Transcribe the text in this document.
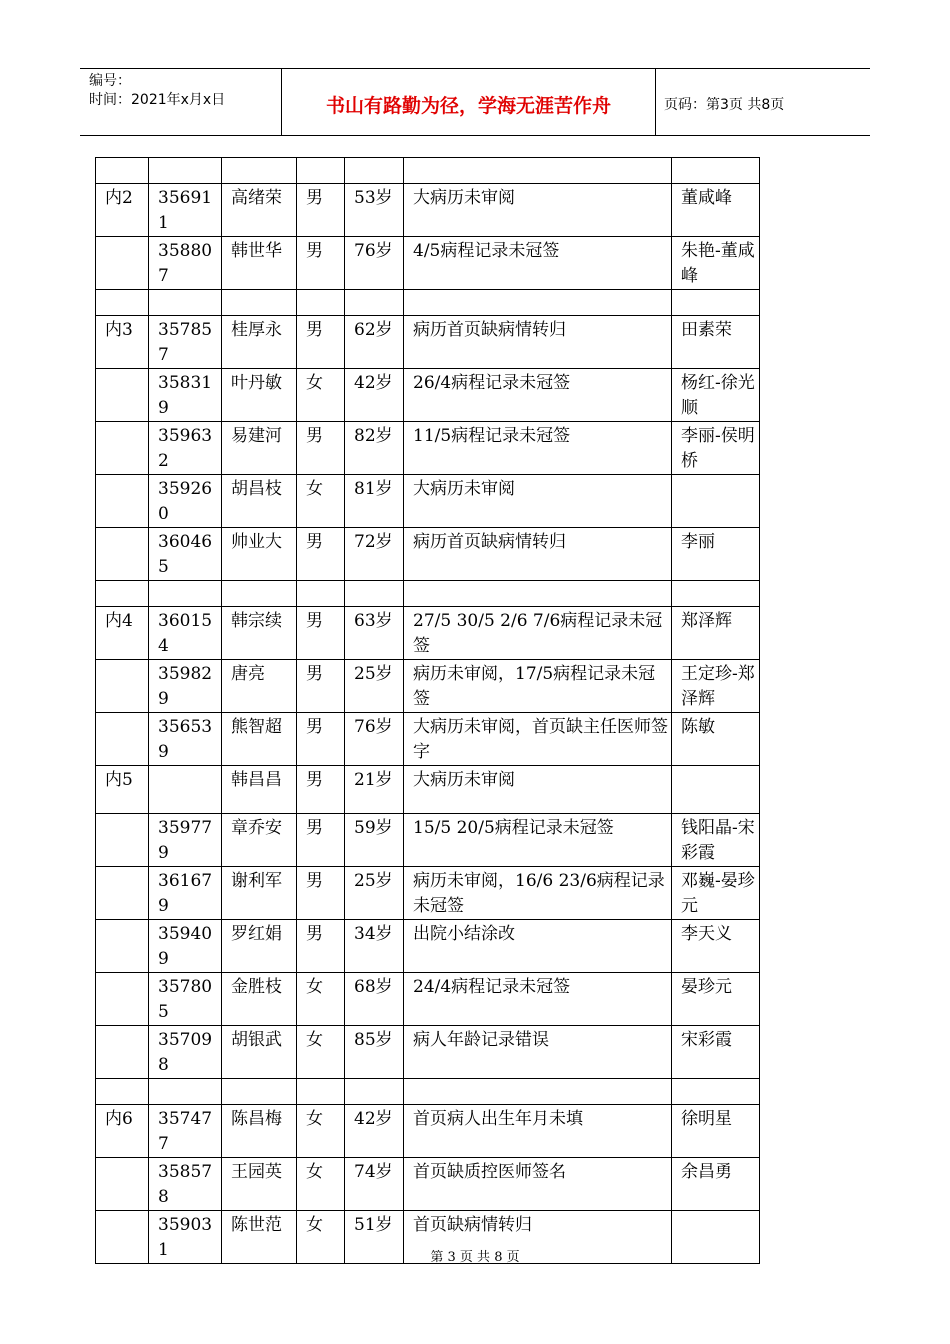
编号：
时间：2021年x月x日	书山有路勤为径，学海无涯苦作舟	页码：第3页 共8页

内2	356911	高绪荣	男	53岁	大病历未审阅	董咸峰
	358807	韩世华	男	76岁	4/5病程记录未冠签	朱艳-董咸峰

内3	357857	桂厚永	男	62岁	病历首页缺病情转归	田素荣
	358319	叶丹敏	女	42岁	26/4病程记录未冠签	杨红-徐光顺
	359632	易建河	男	82岁	11/5病程记录未冠签	李丽-侯明桥
	359260	胡昌枝	女	81岁	大病历未审阅	
	360465	帅业大	男	72岁	病历首页缺病情转归	李丽

内4	360154	韩宗续	男	63岁	27/5 30/5 2/6 7/6病程记录未冠签	郑泽辉
	359829	唐亮	男	25岁	病历未审阅，17/5病程记录未冠签	王定珍-郑泽辉
	356539	熊智超	男	76岁	大病历未审阅，首页缺主任医师签字	陈敏
内5		韩昌昌	男	21岁	大病历未审阅	
	359779	章乔安	男	59岁	15/5 20/5病程记录未冠签	钱阳晶-宋彩霞
	361679	谢利军	男	25岁	病历未审阅，16/6 23/6病程记录未冠签	邓巍-晏珍元
	359409	罗红娟	男	34岁	出院小结涂改	李天义
	357805	金胜枝	女	68岁	24/4病程记录未冠签	晏珍元
	357098	胡银武	女	85岁	病人年龄记录错误	宋彩霞

内6	357477	陈昌梅	女	42岁	首页病人出生年月未填	徐明星
	358578	王园英	女	74岁	首页缺质控医师签名	余昌勇
	359031	陈世范	女	51岁	首页缺病情转归	
第 3 页 共 8 页
